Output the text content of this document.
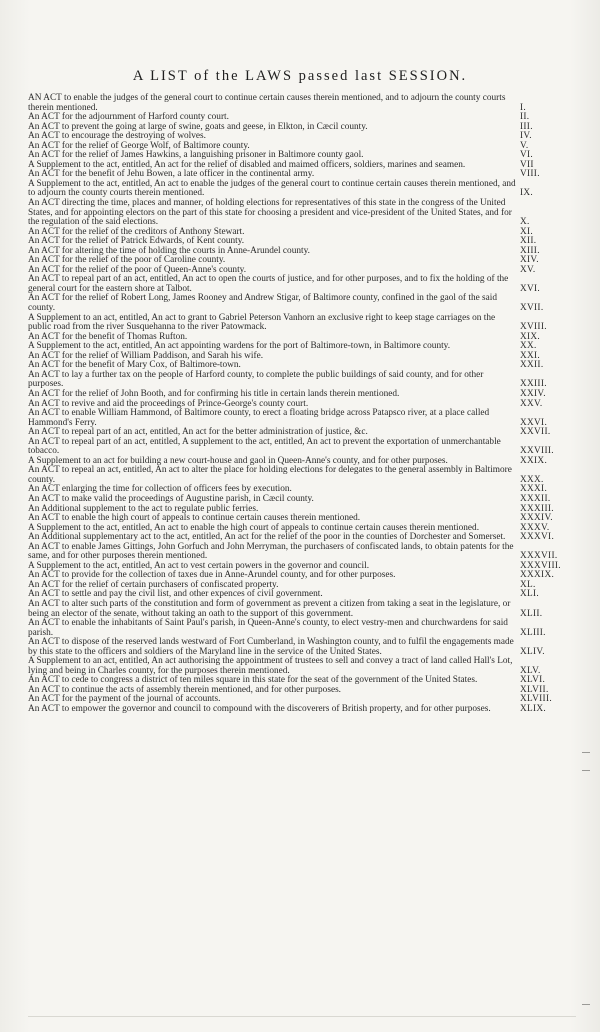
A LIST of the LAWS passed last SESSION.
AN ACT to enable the judges of the general court to continue certain causes therein mentioned, and to adjourn the county courts therein mentioned.	I.
An ACT for the adjournment of Harford county court.	II.
An ACT to prevent the going at large of swine, goats and geese, in Elkton, in Cæcil county.	III.
An ACT to encourage the destroying of wolves.	IV.
An ACT for the relief of George Wolf, of Baltimore county.	V.
An ACT for the relief of James Hawkins, a languishing prisoner in Baltimore county gaol.	VI.
A Supplement to the act, entitled, An act for the relief of disabled and maimed officers, soldiers, marines and seamen.	VII
An ACT for the benefit of Jehu Bowen, a late officer in the continental army.	VIII.
A Supplement to the act, entitled, An act to enable the judges of the general court to continue certain causes therein mentioned, and to adjourn the county courts therein mentioned.	IX.
An ACT directing the time, places and manner, of holding elections for representatives of this state in the congress of the United States, and for appointing electors on the part of this state for choosing a president and vice-president of the United States, and for the regulation of the said elections.	X.
An ACT for the relief of the creditors of Anthony Stewart.	XI.
An ACT for the relief of Patrick Edwards, of Kent county.	XII.
An ACT for altering the time of holding the courts in Anne-Arundel county.	XIII.
An ACT for the relief of the poor of Caroline county.	XIV.
An ACT for the relief of the poor of Queen-Anne's county.	XV.
An ACT to repeal part of an act, entitled, An act to open the courts of justice, and for other purposes, and to fix the holding of the general court for the eastern shore at Talbot.	XVI.
An ACT for the relief of Robert Long, James Rooney and Andrew Stigar, of Baltimore county, confined in the gaol of the said county.	XVII.
A Supplement to an act, entitled, An act to grant to Gabriel Peterson Vanhorn an exclusive right to keep stage carriages on the public road from the river Susquehanna to the river Patowmack.	XVIII.
An ACT for the benefit of Thomas Rufton.	XIX.
A Supplement to the act, entitled, An act appointing wardens for the port of Baltimore-town, in Baltimore county.	XX.
An ACT for the relief of William Paddison, and Sarah his wife.	XXI.
An ACT for the benefit of Mary Cox, of Baltimore-town.	XXII.
An ACT to lay a further tax on the people of Harford county, to complete the public buildings of said county, and for other purposes.	XXIII.
An ACT for the relief of John Booth, and for confirming his title in certain lands therein mentioned.	XXIV.
An ACT to revive and aid the proceedings of Prince-George's county court.	XXV.
An ACT to enable William Hammond, of Baltimore county, to erect a floating bridge across Patapsco river, at a place called Hammond's Ferry.	XXVI.
An ACT to repeal part of an act, entitled, An act for the better administration of justice, &c.	XXVII.
An ACT to repeal part of an act, entitled, A supplement to the act, entitled, An act to prevent the exportation of unmerchantable tobacco.	XXVIII.
A Supplement to an act for building a new court-house and gaol in Queen-Anne's county, and for other purposes.	XXIX.
An ACT to repeal an act, entitled, An act to alter the place for holding elections for delegates to the general assembly in Baltimore county.	XXX.
An ACT enlarging the time for collection of officers fees by execution.	XXXI.
An ACT to make valid the proceedings of Augustine parish, in Cæcil county.	XXXII.
An Additional supplement to the act to regulate public ferries.	XXXIII.
An ACT to enable the high court of appeals to continue certain causes therein mentioned.	XXXIV.
A Supplement to the act, entitled, An act to enable the high court of appeals to continue certain causes therein mentioned.	XXXV.
An Additional supplementary act to the act, entitled, An act for the relief of the poor in the counties of Dorchester and Somerset.	XXXVI.
An ACT to enable James Gittings, John Gorfuch and John Merryman, the purchasers of confiscated lands, to obtain patents for the same, and for other purposes therein mentioned.	XXXVII.
A Supplement to the act, entitled, An act to vest certain powers in the governor and council.	XXXVIII.
An ACT to provide for the collection of taxes due in Anne-Arundel county, and for other purposes.	XXXIX.
An ACT for the relief of certain purchasers of confiscated property.	XL.
An ACT to settle and pay the civil list, and other expences of civil government.	XLI.
An ACT to alter such parts of the constitution and form of government as prevent a citizen from taking a seat in the legislature, or being an elector of the senate, without taking an oath to the support of this government.	XLII.
An ACT to enable the inhabitants of Saint Paul's parish, in Queen-Anne's county, to elect vestry-men and churchwardens for said parish.	XLIII.
An ACT to dispose of the reserved lands westward of Fort Cumberland, in Washington county, and to fulfil the engagements made by this state to the officers and soldiers of the Maryland line in the service of the United States.	XLIV.
A Supplement to an act, entitled, An act authorising the appointment of trustees to sell and convey a tract of land called Hall's Lot, lying and being in Charles county, for the purposes therein mentioned.	XLV.
An ACT to cede to congress a district of ten miles square in this state for the seat of the government of the United States.	XLVI.
An ACT to continue the acts of assembly therein mentioned, and for other purposes.	XLVII.
An ACT for the payment of the journal of accounts.	XLVIII.
An ACT to empower the governor and council to compound with the discoverers of British property, and for other purposes.	XLIX.
